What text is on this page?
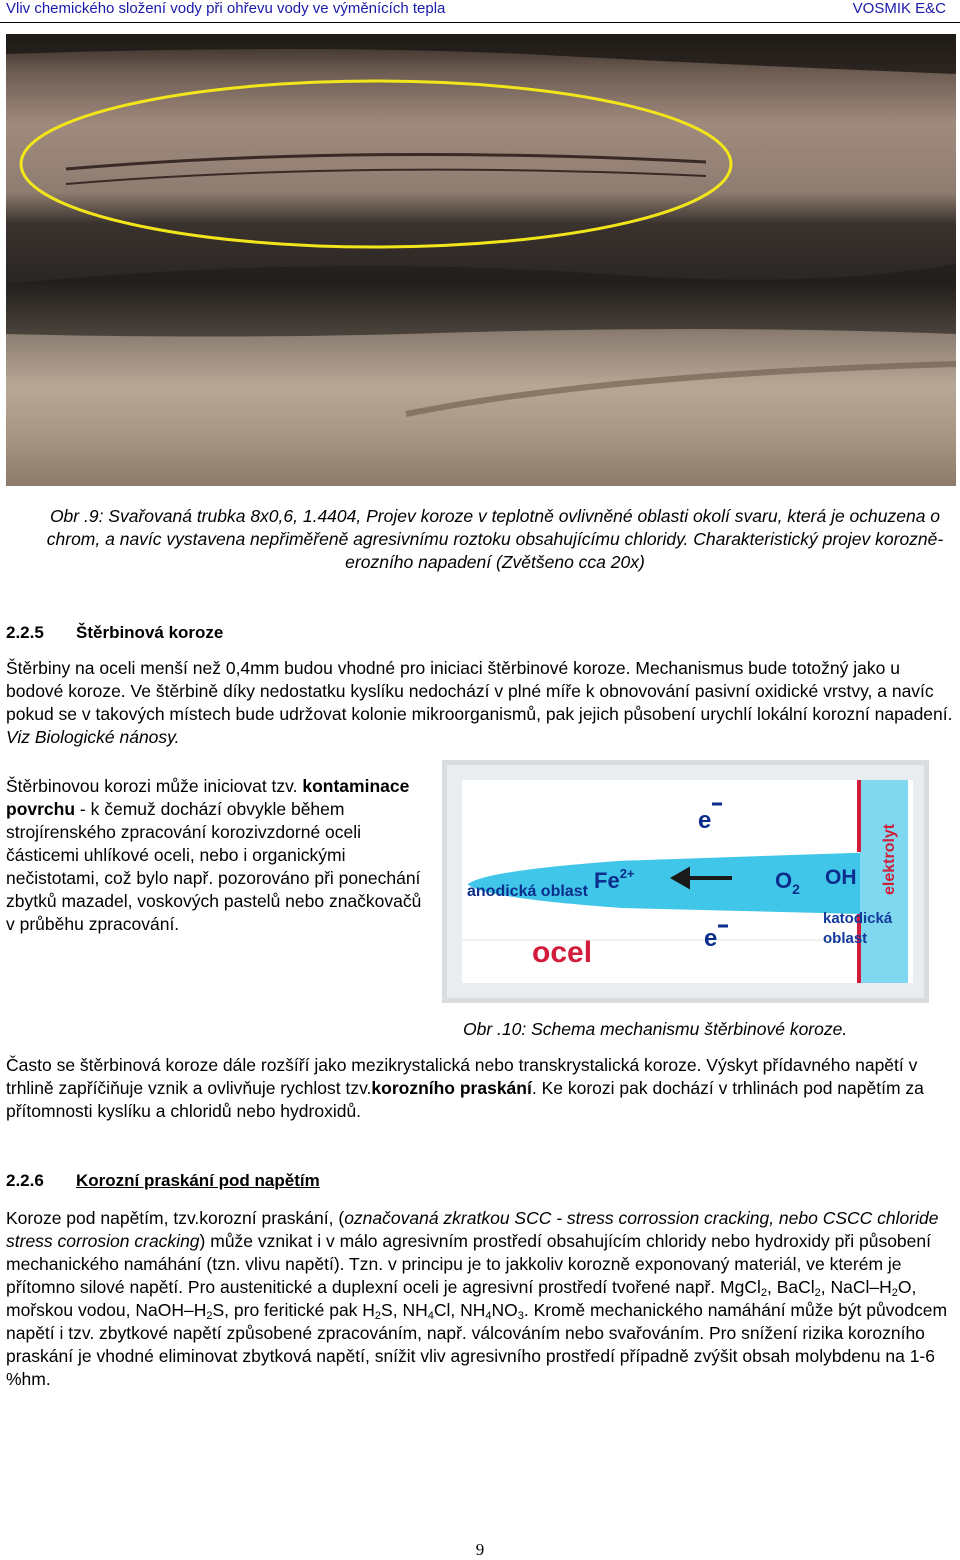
Vliv chemického složení vody při ohřevu vody ve výměnících tepla	VOSMIK E&C
Obr .9: Svařovaná trubka 8x0,6, 1.4404, Projev koroze v teplotně ovlivněné oblasti okolí svaru, která je ochuzena o chrom, a navíc vystavena nepřiměřeně agresivnímu roztoku obsahujícímu chloridy. Charakteristický projev korozně-erozního napadení (Zvětšeno cca 20x)
2.2.5 Štěrbinová koroze
Štěrbiny na oceli menší než 0,4mm budou vhodné pro iniciaci štěrbinové koroze. Mechanismus bude totožný jako u bodové koroze. Ve štěrbině díky nedostatku kyslíku nedochází v plné míře k obnovování pasivní oxidické vrstvy, a navíc pokud se v takových místech bude udržovat kolonie mikroorganismů, pak jejich působení urychlí lokální korozní napadení. Viz Biologické nánosy.
Štěrbinovou korozi může iniciovat tzv. kontaminace povrchu - k čemuž dochází obvykle během strojírenského zpracování korozivzdorné oceli částicemi uhlíkové oceli, nebo i organickými nečistotami, což bylo např. pozorováno při ponechání zbytků mazadel, voskových pastelů nebo značkovačů v průběhu zpracování.
anodická oblast $Fe^{2+}$	$O_2$ OH
e
e
katodická
oblast
ocel
elektrolyt
Obr .10: Schema mechanismu štěrbinové koroze.
Často se štěrbinová koroze dále rozšíří jako mezikrystalická nebo transkrystalická koroze. Výskyt přídavného napětí v trhlině zapříčiňuje vznik a ovlivňuje rychlost tzv.korozního praskání. Ke korozi pak dochází v trhlinách pod napětím za přítomnosti kyslíku a chloridů nebo hydroxidů.
2.2.6 Korozní praskání pod napětím
Koroze pod napětím, tzv.korozní praskání, (označovaná zkratkou SCC - stress corrossion cracking, nebo CSCC chloride stress corrosion cracking) může vznikat i v málo agresivním prostředí obsahujícím chloridy nebo hydroxidy při působení mechanického namáhání (tzn. vlivu napětí). Tzn. v principu je to jakkoliv korozně exponovaný materiál, ve kterém je přítomno silové napětí. Pro austenitické a duplexní oceli je agresivní prostředí tvořené např. MgCl$_2$, BaCl$_2$, NaCl–$H_2O$, mořskou vodou, NaOH–$H_2S$, pro feritické pak $H_2S$, $NH_4Cl$, $NH_4NO_3$. Kromě mechanického namáhání může být původcem napětí i tzv. zbytkové napětí způsobené zpracováním, např. válcováním nebo svařováním. Pro snížení rizika korozního praskání je vhodné eliminovat zbytková napětí, snížit vliv agresivního prostředí případně zvýšit obsah molybdenu na 1-6 %hm.
9
